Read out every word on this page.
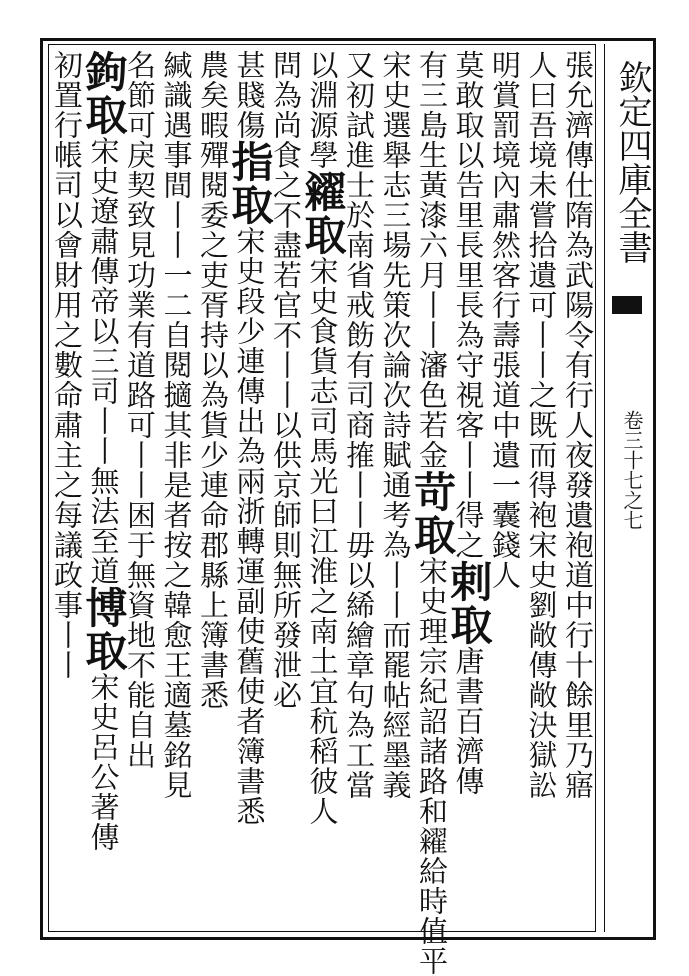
欽定四庫全書
卷三十七之七
張允濟傳仕隋為武陽令有行人夜發遺袍道中行十餘里乃寤
人曰吾境未嘗拾遺可丨丨之既而得袍宋史劉敞傳敞決獄訟
明賞罰境內肅然客行壽張道中遺一囊錢人
莫敢取以告里長里長為守視客丨丨得之剌取唐書百濟傳
有三島生黃漆六月丨丨瀋色若金苛取宋史理宗紀詔諸路和糴給時值平
宋史選舉志三場先策次論次詩賦通考為丨丨而罷帖經墨義
又初試進士於南省戒飭有司商搉丨丨毋以絺繪章句為工當
以淵源學糴取宋史食貨志司馬光曰江淮之南土宜秔稻彼人
問為尚食之不盡若官不丨丨以供京師則無所發泄必
甚賤傷指取宋史段少連傳出為兩浙轉運副使舊使者簿書悉
農矣暇殫閱委之吏胥持以為貨少連命郡縣上簿書悉
緘識遇事間丨丨一二自閱擿其非是者按之韓愈王適墓銘見
名節可戾契致見功業有道路可丨丨困于無資地不能自出
鉤取宋史遼肅傳帝以三司丨丨無法至道博取宋史呂公著傳
初置行帳司以會財用之數命肅主之每議政事丨丨
